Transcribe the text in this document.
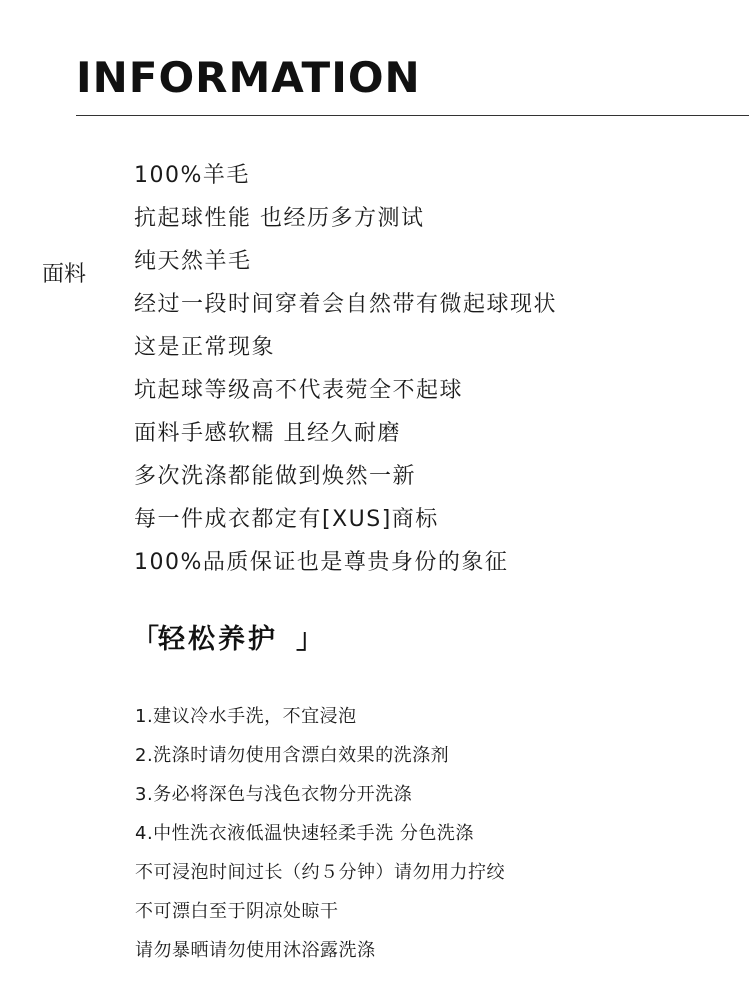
INFORMATION
面料
100%羊毛
抗起球性能 也经历多方测试
纯天然羊毛
经过一段时间穿着会自然带有微起球现状
这是正常现象
坑起球等级高不代表菀全不起球
面料手感软糯 且经久耐磨
多次洗涤都能做到焕然一新
每一件成衣都定有[XUS]商标
100%品质保证也是尊贵身份的象征
「轻松养护 」
1.建议冷水手洗，不宜浸泡
2.洗涤时请勿使用含漂白效果的洗涤剂
3.务必将深色与浅色衣物分开洗涤
4.中性洗衣液低温快速轻柔手洗 分色洗涤
不可浸泡时间过长（约５分钟）请勿用力拧绞
不可漂白至于阴凉处晾干
请勿暴晒请勿使用沐浴露洗涤
